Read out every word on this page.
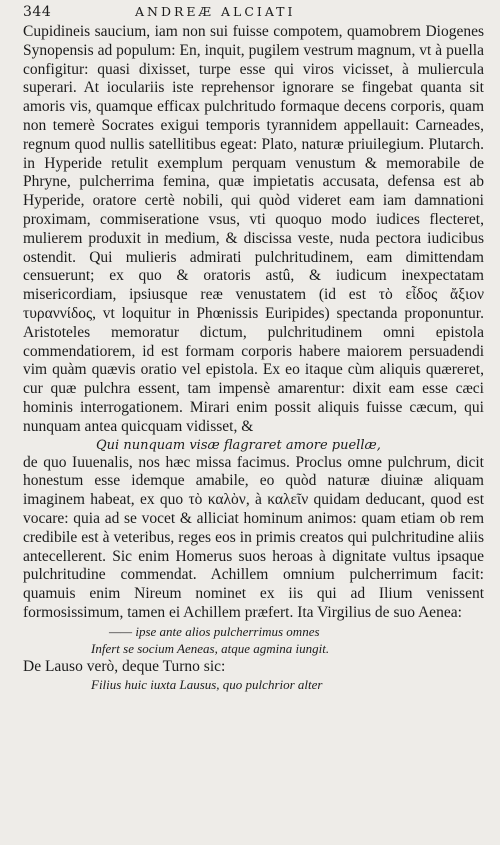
344	ANDREÆ ALCIATI

Cupidineis saucium, iam non sui fuisse compotem, quamobrem Diogenes Synopensis ad populum: En, inquit, pugilem vestrum magnum, vt à puella configitur: quasi dixisset, turpe esse qui viros vicisset, à muliercula superari. At ioculariis iste reprehensor ignorare se fingebat quanta sit amoris vis, quamque efficax pulchritudo formaque decens corporis, quam non temerè Socrates exigui temporis tyrannidem appellauit: Carneades, regnum quod nullis satellitibus egeat: Plato, naturæ priuilegium. Plutarch. in Hyperide retulit exemplum perquam venustum & memorabile de Phryne, pulcherrima femina, quæ impietatis accusata, defensa est ab Hyperide, oratore certè nobili, qui quòd videret eam iam damnationi proximam, commiseratione vsus, vti quoquo modo iudices flecteret, mulierem produxit in medium, & discissa veste, nuda pectora iudicibus ostendit. Qui mulieris admirati pulchritudinem, eam dimittendam censuerunt; ex quo & oratoris astû, & iudicum inexpectatam misericordiam, ipsiusque reæ venustatem (id est τὸ εἶδος ἄξιον τυραννίδος, vt loquitur in Phœnissis Euripides) spectanda proponuntur. Aristoteles memoratur dictum, pulchritudinem omni epistola commendatiorem, id est formam corporis habere maiorem persuadendi vim quàm quævis oratio vel epistola. Ex eo itaque cùm aliquis quæreret, cur quæ pulchra essent, tam impensè amarentur: dixit eam esse cæci hominis interrogationem. Mirari enim possit aliquis fuisse cæcum, qui nunquam antea quicquam vidisset, &

Qui nunquam visæ flagraret amore puellæ,

de quo Iuuenalis, nos hæc missa facimus. Proclus omne pulchrum, dicit honestum esse idemque amabile, eo quòd naturæ diuinæ aliquam imaginem habeat, ex quo τὸ καλὸν, à καλεῖν quidam deducant, quod est vocare: quia ad se vocet & alliciat hominum animos: quam etiam ob rem credibile est à veteribus, reges eos in primis creatos qui pulchritudine aliis antecellerent. Sic enim Homerus suos heroas à dignitate vultus ipsaque pulchritudine commendat. Achillem omnium pulcherrimum facit: quamuis enim Nireum nominet ex iis qui ad Ilium venissent formosissimum, tamen ei Achillem præfert. Ita Virgilius de suo Aenea:

—— ipse ante alios pulcherrimus omnes

Infert se socium Aeneas, atque agmina iungit.

De Lauso verò, deque Turno sic:

Filius huic iuxta Lausus, quo pulchrior alter
